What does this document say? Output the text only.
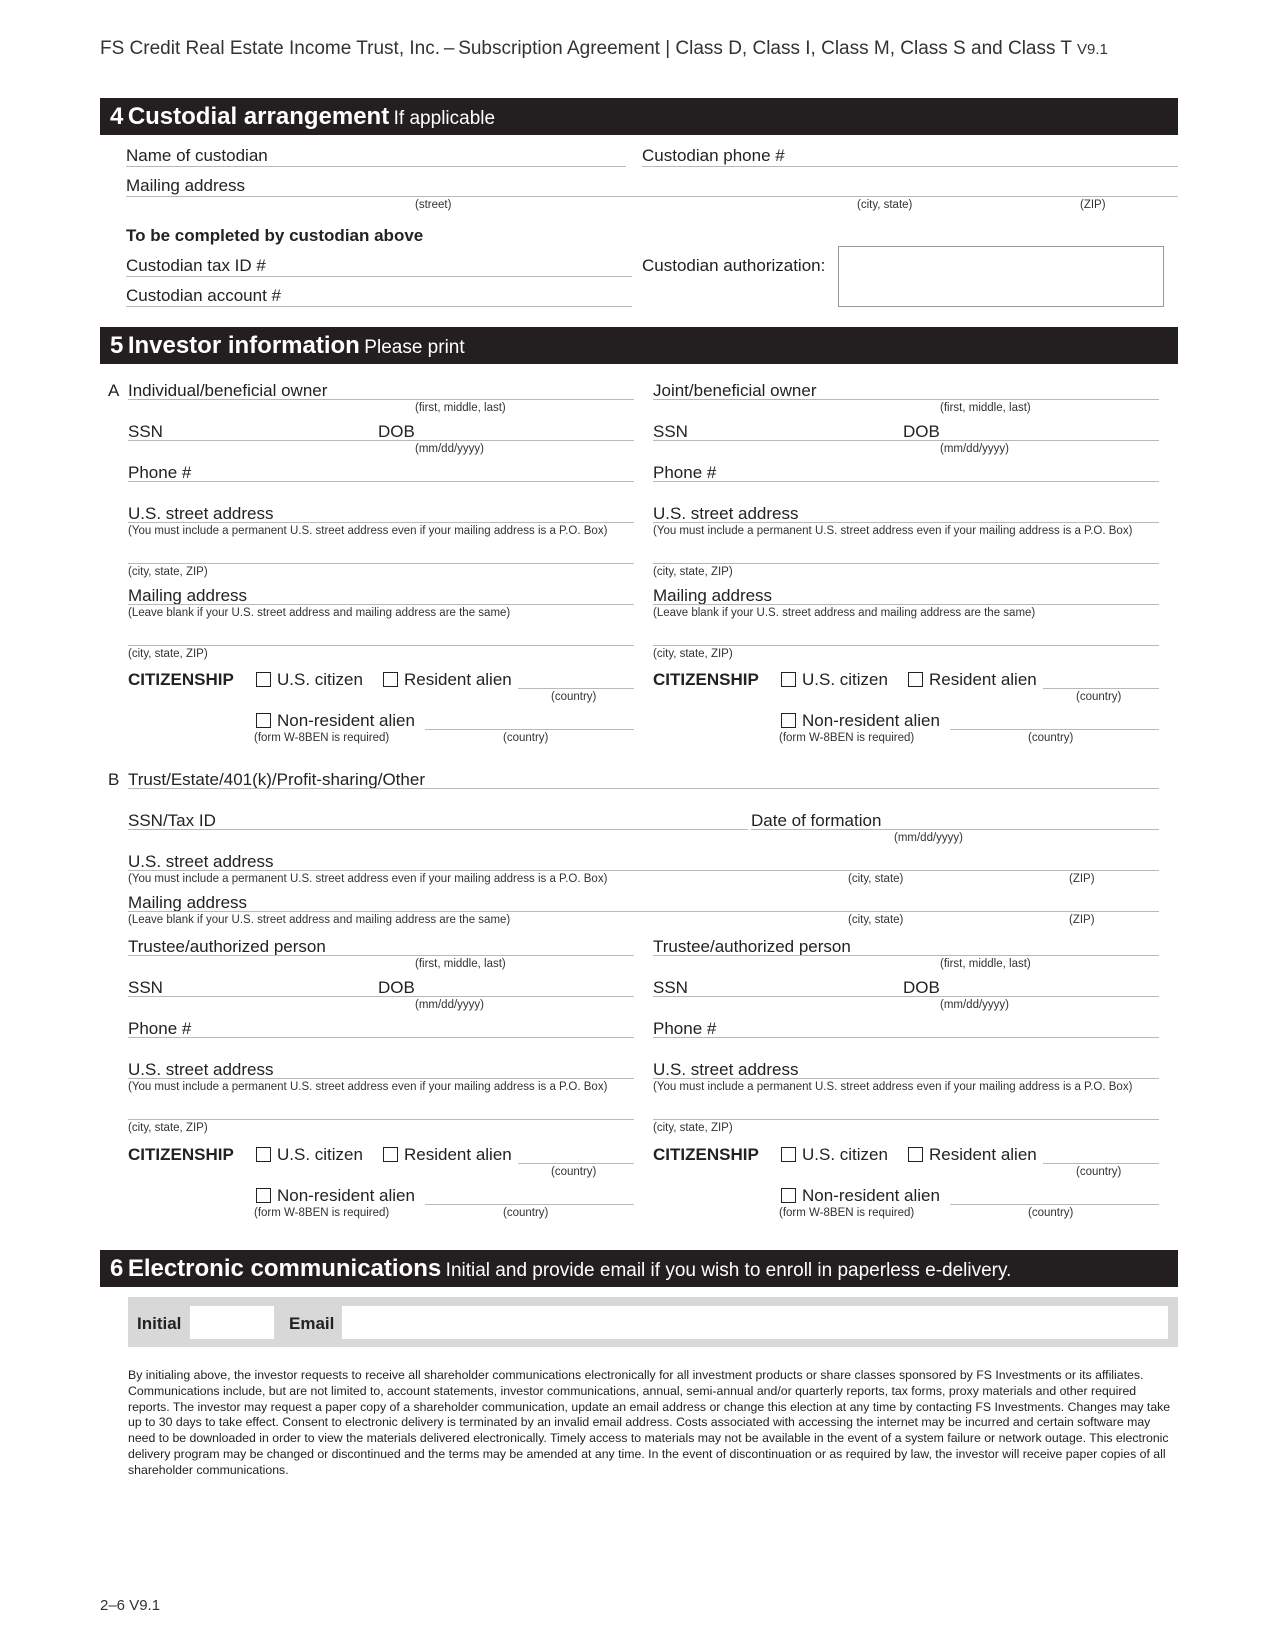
FS Credit Real Estate Income Trust, Inc. – Subscription Agreement | Class D, Class I, Class M, Class S and Class T V9.1
4 Custodial arrangement If applicable
Name of custodian	Custodian phone #
Mailing address
(street)	(city, state)	(ZIP)
To be completed by custodian above
Custodian tax ID #
Custodian account #
Custodian authorization:
5 Investor information Please print
A Individual/beneficial owner
(first, middle, last)
SSN	DOB
(mm/dd/yyyy)
Phone #
U.S. street address
(You must include a permanent U.S. street address even if your mailing address is a P.O. Box)
(city, state, ZIP)
Mailing address
(Leave blank if your U.S. street address and mailing address are the same)
(city, state, ZIP)
CITIZENSHIP	U.S. citizen Resident alien
(country)
Non-resident alien
(form W-8BEN is required)	(country)
Joint/beneficial owner
(first, middle, last)
SSN	DOB
(mm/dd/yyyy)
Phone #
U.S. street address
(You must include a permanent U.S. street address even if your mailing address is a P.O. Box)
(city, state, ZIP)
Mailing address
(Leave blank if your U.S. street address and mailing address are the same)
(city, state, ZIP)
CITIZENSHIP	U.S. citizen Resident alien
(country)
Non-resident alien
(form W-8BEN is required)	(country)
B Trust/Estate/401(k)/Profit-sharing/Other
SSN/Tax ID	Date of formation
(mm/dd/yyyy)
U.S. street address
(You must include a permanent U.S. street address even if your mailing address is a P.O. Box)	(city, state)	(ZIP)
Mailing address
(Leave blank if your U.S. street address and mailing address are the same)	(city, state)	(ZIP)
Trustee/authorized person
(first, middle, last)
SSN	DOB
(mm/dd/yyyy)
Phone #
U.S. street address
(You must include a permanent U.S. street address even if your mailing address is a P.O. Box)
(city, state, ZIP)
CITIZENSHIP	U.S. citizen Resident alien
(country)
Non-resident alien
(form W-8BEN is required)	(country)
Trustee/authorized person
(first, middle, last)
SSN	DOB
(mm/dd/yyyy)
Phone #
U.S. street address
(You must include a permanent U.S. street address even if your mailing address is a P.O. Box)
(city, state, ZIP)
CITIZENSHIP	U.S. citizen Resident alien
(country)
Non-resident alien
(form W-8BEN is required)	(country)
6 Electronic communications Initial and provide email if you wish to enroll in paperless e-delivery.
Initial	Email
By initialing above, the investor requests to receive all shareholder communications electronically for all investment products or share classes sponsored by FS Investments or its affiliates. Communications include, but are not limited to, account statements, investor communications, annual, semi-annual and/or quarterly reports, tax forms, proxy materials and other required reports. The investor may request a paper copy of a shareholder communication, update an email address or change this election at any time by contacting FS Investments. Changes may take up to 30 days to take effect. Consent to electronic delivery is terminated by an invalid email address. Costs associated with accessing the internet may be incurred and certain software may need to be downloaded in order to view the materials delivered electronically. Timely access to materials may not be available in the event of a system failure or network outage. This electronic delivery program may be changed or discontinued and the terms may be amended at any time. In the event of discontinuation or as required by law, the investor will receive paper copies of all shareholder communications.
2–6 V9.1
